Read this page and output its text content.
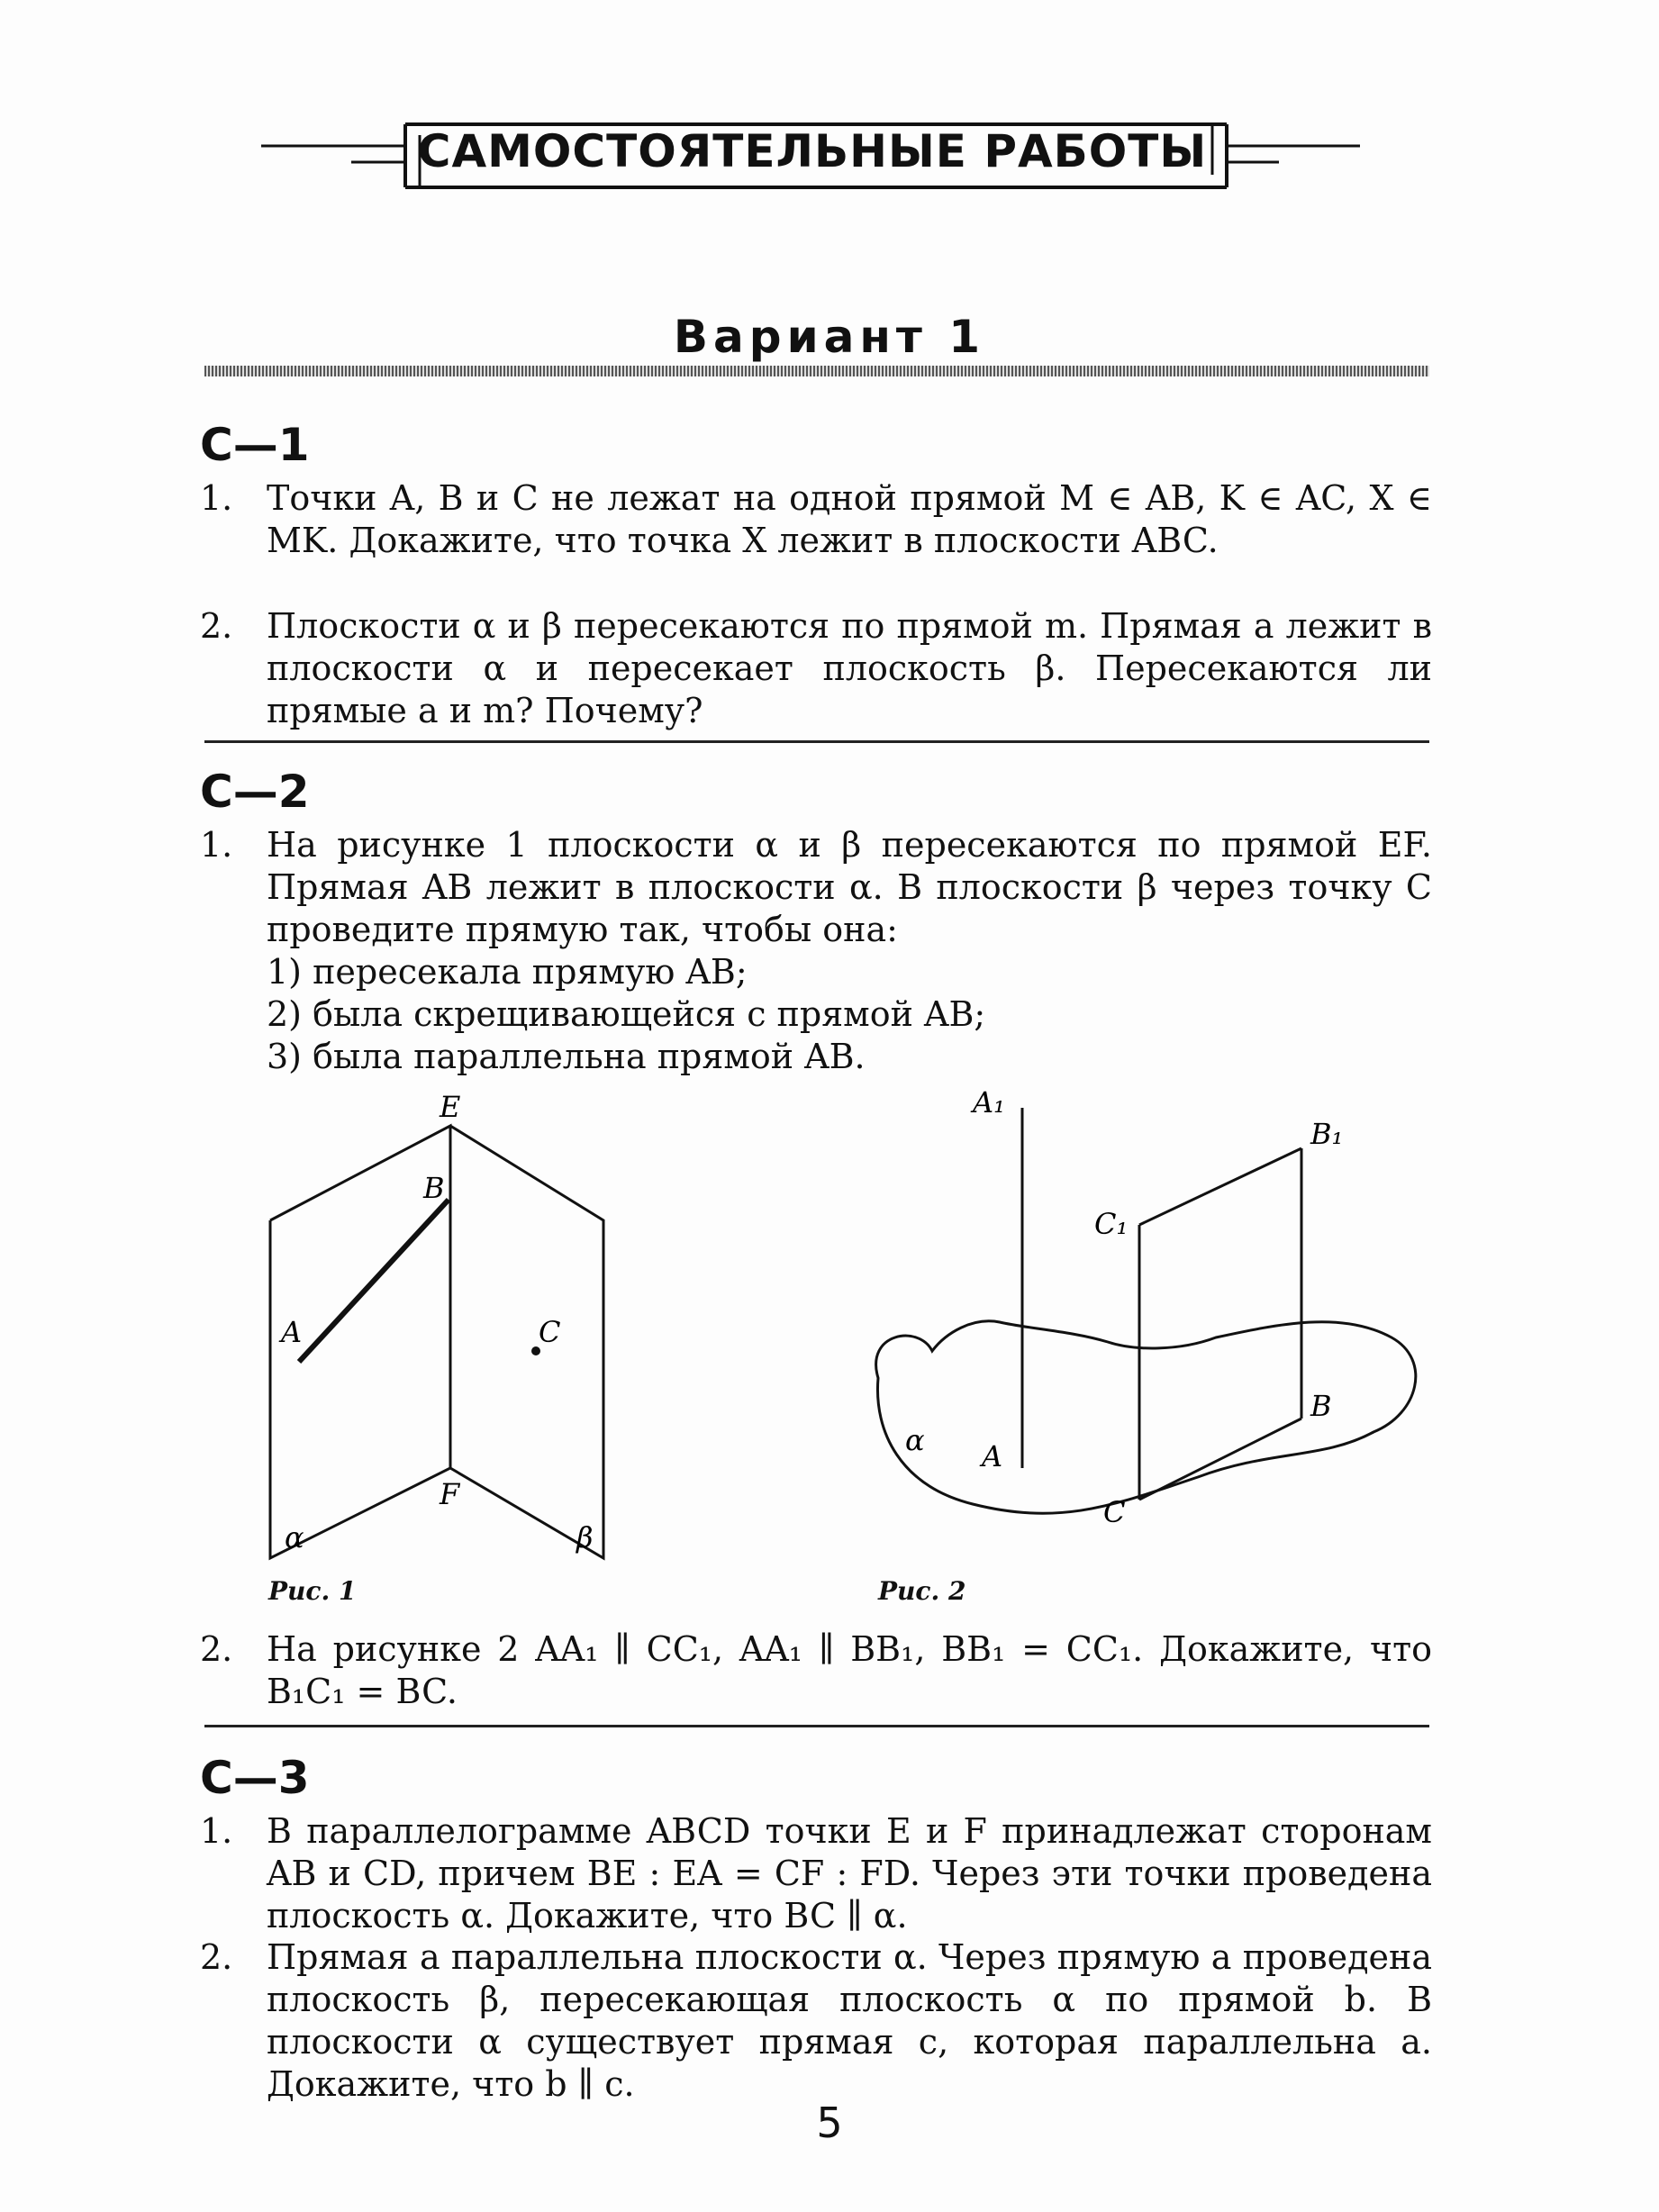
САМОСТОЯТЕЛЬНЫЕ РАБОТЫ
Вариант 1
С—1
1. Точки A, B и C не лежат на одной прямой M ∈ AB, K ∈ AC, X ∈ MK. Докажите, что точка X лежит в плоскости ABC.
2. Плоскости α и β пересекаются по прямой m. Прямая a лежит в плоскости α и пересекает плоскость β. Пересекаются ли прямые a и m? Почему?
С—2
1. На рисунке 1 плоскости α и β пересекаются по прямой EF. Прямая AB лежит в плоскости α. В плоскости β через точку C проведите прямую так, чтобы она:
1) пересекала прямую AB;
2) была скрещивающейся с прямой AB;
3) была параллельна прямой AB.
E
B
A	C
F
α	β
Рис. 1
A₁
B₁
C₁
B
A
C
α
Рис. 2
2. На рисунке 2 AA₁ ∥ CC₁, AA₁ ∥ BB₁, BB₁ = CC₁. Докажите, что B₁C₁ = BC.
С—3
1. В параллелограмме ABCD точки E и F принадлежат сторонам AB и CD, причем BE : EA = CF : FD. Через эти точки проведена плоскость α. Докажите, что BC ∥ α.
2. Прямая a параллельна плоскости α. Через прямую a проведена плоскость β, пересекающая плоскость α по прямой b. В плоскости α существует прямая c, которая параллельна a. Докажите, что b ∥ c.
5
